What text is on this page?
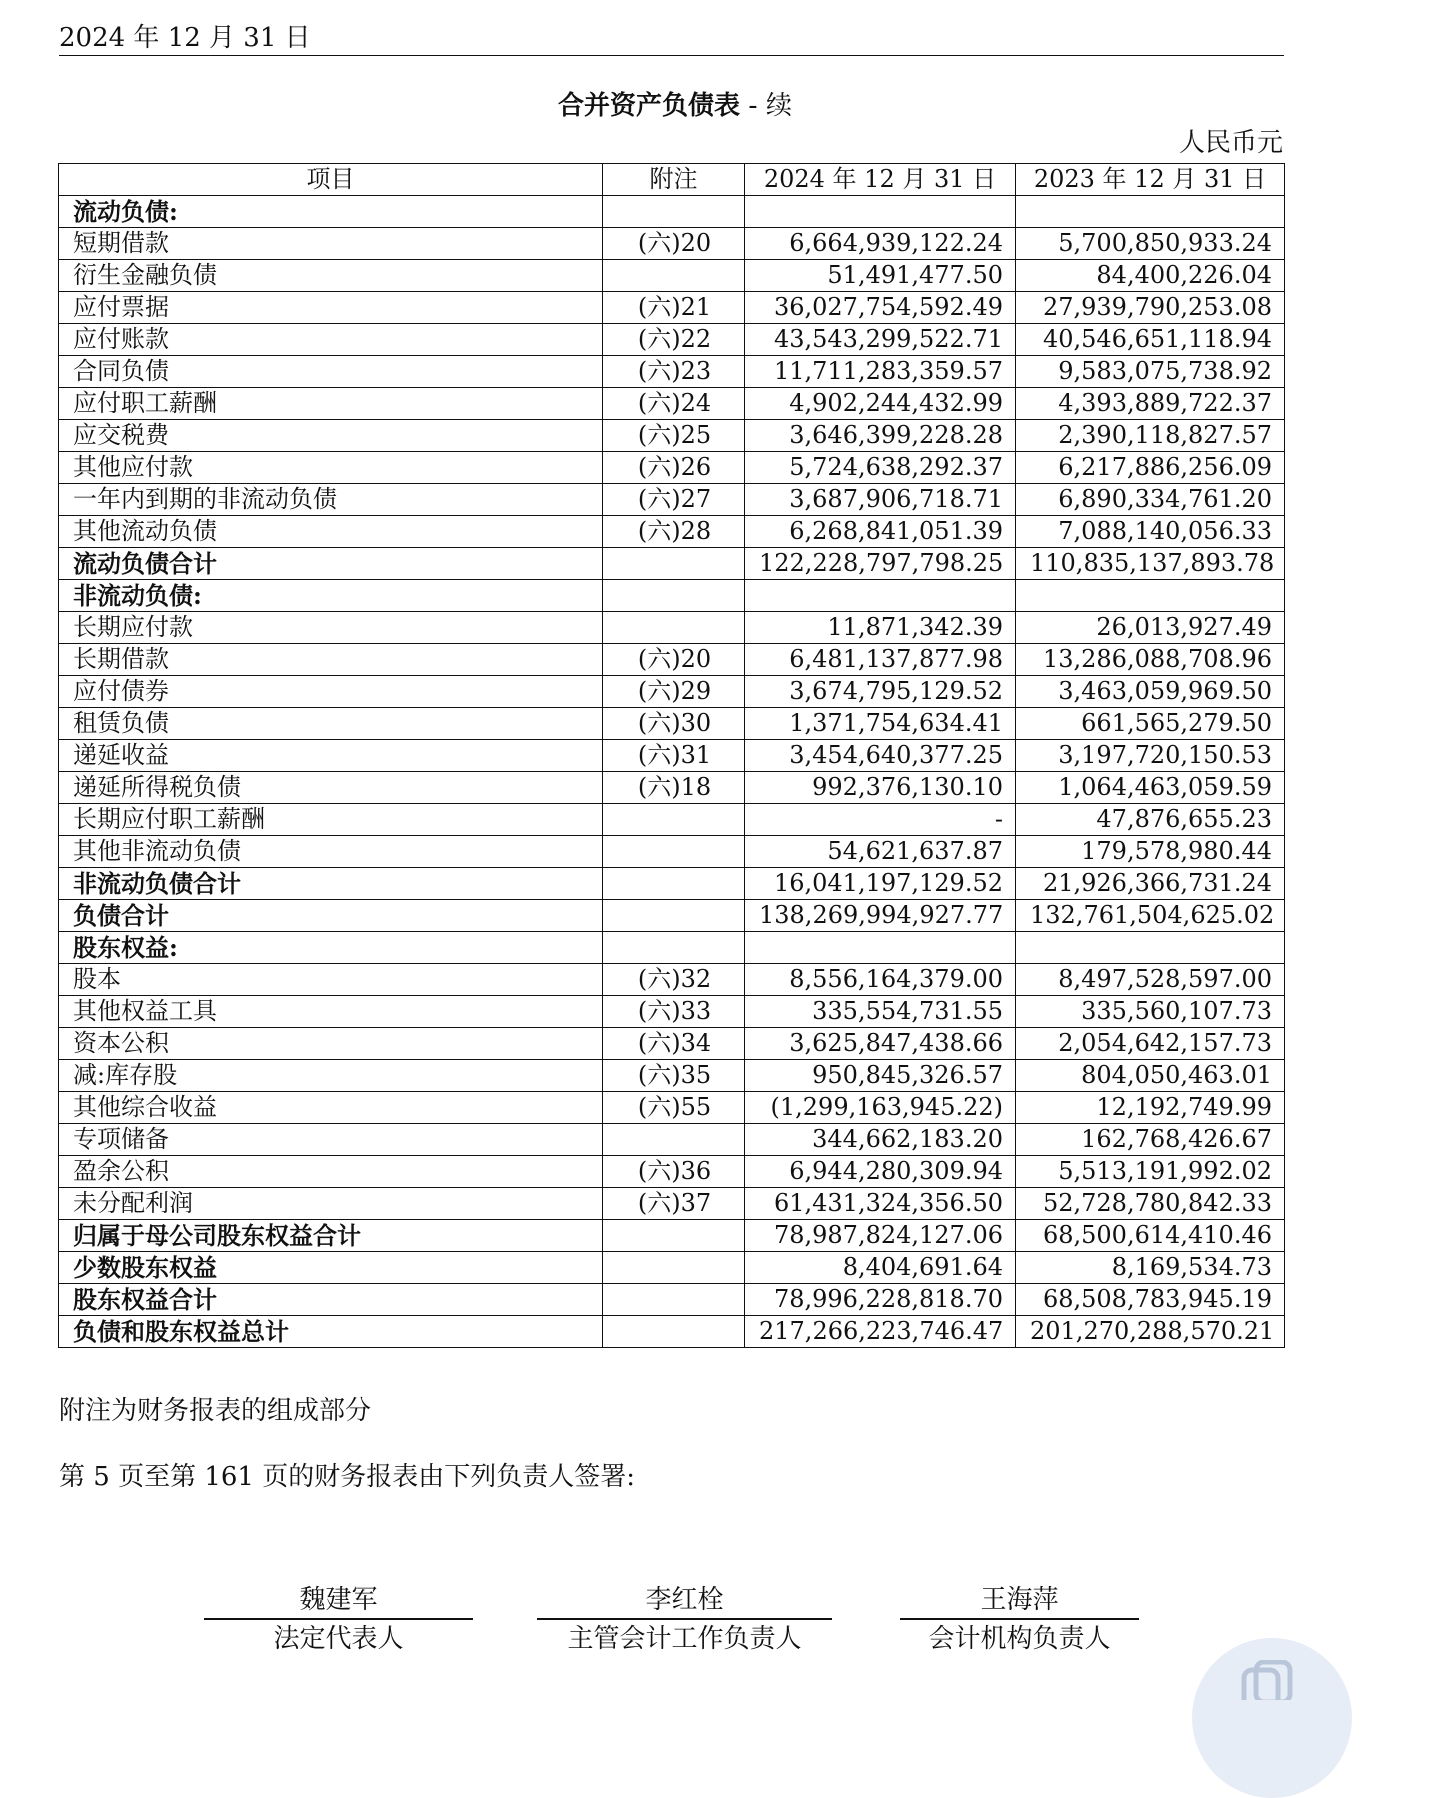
2024 年 12 月 31 日
合并资产负债表 - 续
人民币元
项目	附注	2024 年 12 月 31 日	2023 年 12 月 31 日
流动负债:			
短期借款	(六)20	6,664,939,122.24	5,700,850,933.24
衍生金融负债		51,491,477.50	84,400,226.04
应付票据	(六)21	36,027,754,592.49	27,939,790,253.08
应付账款	(六)22	43,543,299,522.71	40,546,651,118.94
合同负债	(六)23	11,711,283,359.57	9,583,075,738.92
应付职工薪酬	(六)24	4,902,244,432.99	4,393,889,722.37
应交税费	(六)25	3,646,399,228.28	2,390,118,827.57
其他应付款	(六)26	5,724,638,292.37	6,217,886,256.09
一年内到期的非流动负债	(六)27	3,687,906,718.71	6,890,334,761.20
其他流动负债	(六)28	6,268,841,051.39	7,088,140,056.33
流动负债合计		122,228,797,798.25	110,835,137,893.78
非流动负债:			
长期应付款		11,871,342.39	26,013,927.49
长期借款	(六)20	6,481,137,877.98	13,286,088,708.96
应付债券	(六)29	3,674,795,129.52	3,463,059,969.50
租赁负债	(六)30	1,371,754,634.41	661,565,279.50
递延收益	(六)31	3,454,640,377.25	3,197,720,150.53
递延所得税负债	(六)18	992,376,130.10	1,064,463,059.59
长期应付职工薪酬		-	47,876,655.23
其他非流动负债		54,621,637.87	179,578,980.44
非流动负债合计		16,041,197,129.52	21,926,366,731.24
负债合计		138,269,994,927.77	132,761,504,625.02
股东权益:			
股本	(六)32	8,556,164,379.00	8,497,528,597.00
其他权益工具	(六)33	335,554,731.55	335,560,107.73
资本公积	(六)34	3,625,847,438.66	2,054,642,157.73
减:库存股	(六)35	950,845,326.57	804,050,463.01
其他综合收益	(六)55	(1,299,163,945.22)	12,192,749.99
专项储备		344,662,183.20	162,768,426.67
盈余公积	(六)36	6,944,280,309.94	5,513,191,992.02
未分配利润	(六)37	61,431,324,356.50	52,728,780,842.33
归属于母公司股东权益合计		78,987,824,127.06	68,500,614,410.46
少数股东权益		8,404,691.64	8,169,534.73
股东权益合计		78,996,228,818.70	68,508,783,945.19
负债和股东权益总计		217,266,223,746.47	201,270,288,570.21
附注为财务报表的组成部分
第 5 页至第 161 页的财务报表由下列负责人签署:
魏建军
法定代表人
李红栓
主管会计工作负责人
王海萍
会计机构负责人
